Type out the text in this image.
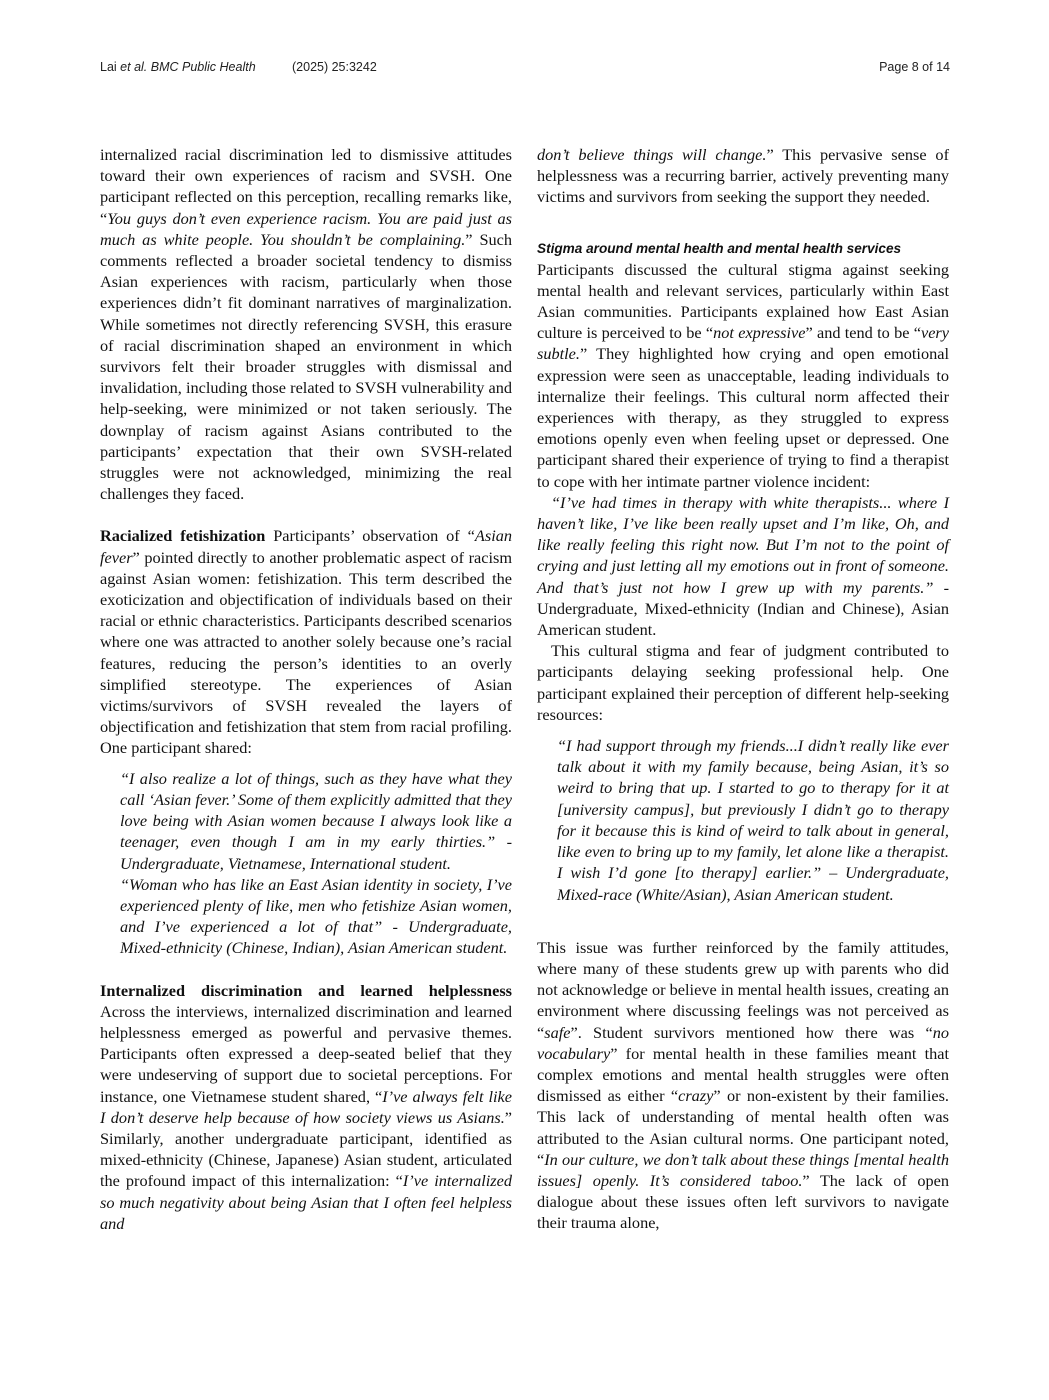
Lai et al. BMC Public Health	(2025) 25:3242	Page 8 of 14

internalized racial discrimination led to dismissive attitudes toward their own experiences of racism and SVSH. One participant reflected on this perception, recalling remarks like, “You guys don’t even experience racism. You are paid just as much as white people. You shouldn’t be complaining.” Such comments reflected a broader societal tendency to dismiss Asian experiences with racism, particularly when those experiences didn’t fit dominant narratives of marginalization. While sometimes not directly referencing SVSH, this erasure of racial discrimination shaped an environment in which survivors felt their broader struggles with dismissal and invalidation, including those related to SVSH vulnerability and help-seeking, were minimized or not taken seriously. The downplay of racism against Asians contributed to the participants’ expectation that their own SVSH-related struggles were not acknowledged, minimizing the real challenges they faced.

Racialized fetishization Participants’ observation of “Asian fever” pointed directly to another problematic aspect of racism against Asian women: fetishization. This term described the exoticization and objectification of individuals based on their racial or ethnic characteristics. Participants described scenarios where one was attracted to another solely because one’s racial features, reducing the person’s identities to an overly simplified stereotype. The experiences of Asian victims/survivors of SVSH revealed the layers of objectification and fetishization that stem from racial profiling. One participant shared:

“I also realize a lot of things, such as they have what they call ‘Asian fever.’ Some of them explicitly admitted that they love being with Asian women because I always look like a teenager, even though I am in my early thirties.” - Undergraduate, Vietnamese, International student.

“Woman who has like an East Asian identity in society, I’ve experienced plenty of like, men who fetishize Asian women, and I’ve experienced a lot of that” - Undergraduate, Mixed-ethnicity (Chinese, Indian), Asian American student.

Internalized discrimination and learned helplessness Across the interviews, internalized discrimination and learned helplessness emerged as powerful and pervasive themes. Participants often expressed a deep-seated belief that they were undeserving of support due to societal perceptions. For instance, one Vietnamese student shared, “I’ve always felt like I don’t deserve help because of how society views us Asians.” Similarly, another undergraduate participant, identified as mixed-ethnicity (Chinese, Japanese) Asian student, articulated the profound impact of this internalization: “I’ve internalized so much negativity about being Asian that I often feel helpless and

don’t believe things will change.” This pervasive sense of helplessness was a recurring barrier, actively preventing many victims and survivors from seeking the support they needed.

Stigma around mental health and mental health services

Participants discussed the cultural stigma against seeking mental health and relevant services, particularly within East Asian communities. Participants explained how East Asian culture is perceived to be “not expressive” and tend to be “very subtle.” They highlighted how crying and open emotional expression were seen as unacceptable, leading individuals to internalize their feelings. This cultural norm affected their experiences with therapy, as they struggled to express emotions openly even when feeling upset or depressed. One participant shared their experience of trying to find a therapist to cope with her intimate partner violence incident:

“I’ve had times in therapy with white therapists... where I haven’t like, I’ve like been really upset and I’m like, Oh, and like really feeling this right now. But I’m not to the point of crying and just letting all my emotions out in front of someone. And that’s just not how I grew up with my parents.” - Undergraduate, Mixed-ethnicity (Indian and Chinese), Asian American student.

This cultural stigma and fear of judgment contributed to participants delaying seeking professional help. One participant explained their perception of different help-seeking resources:

“I had support through my friends...I didn’t really like ever talk about it with my family because, being Asian, it’s so weird to bring that up. I started to go to therapy for it at [university campus], but previously I didn’t go to therapy for it because this is kind of weird to talk about in general, like even to bring up to my family, let alone like a therapist. I wish I’d gone [to therapy] earlier.” – Undergraduate, Mixed-race (White/Asian), Asian American student.

This issue was further reinforced by the family attitudes, where many of these students grew up with parents who did not acknowledge or believe in mental health issues, creating an environment where discussing feelings was not perceived as “safe”. Student survivors mentioned how there was “no vocabulary” for mental health in these families meant that complex emotions and mental health struggles were often dismissed as either “crazy” or non-existent by their families. This lack of understanding of mental health often was attributed to the Asian cultural norms. One participant noted, “In our culture, we don’t talk about these things [mental health issues] openly. It’s considered taboo.” The lack of open dialogue about these issues often left survivors to navigate their trauma alone,
